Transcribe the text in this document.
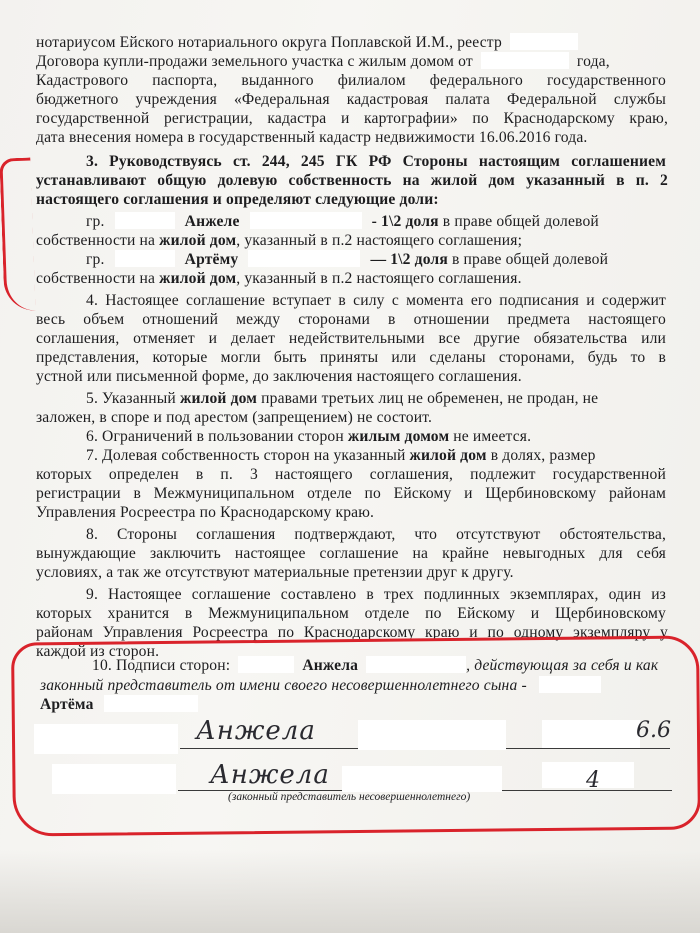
нотариусом Ейского нотариального округа Поплавской И.М., реестр
Договора купли-продажи земельного участка с жилым домом от	года,
Кадастрового паспорта, выданного филиалом федерального государственного
бюджетного учреждения «Федеральная кадастровая палата Федеральной службы
государственной регистрации, кадастра и картографии» по Краснодарскому краю,
дата внесения номера в государственный кадастр недвижимости 16.06.2016 года.
3. Руководствуясь ст. 244, 245 ГК РФ Стороны настоящим соглашением
устанавливают общую долевую собственность на жилой дом указанный в п. 2
настоящего соглашения и определяют следующие доли:
гр.	Анжеле	- 1\2 доля в праве общей долевой
собственности на жилой дом, указанный в п.2 настоящего соглашения;
гр.	Артёму	— 1\2 доля в праве общей долевой
собственности на жилой дом, указанный в п.2 настоящего соглашения.
4. Настоящее соглашение вступает в силу с момента его подписания и содержит
весь объем отношений между сторонами в отношении предмета настоящего
соглашения, отменяет и делает недействительными все другие обязательства или
представления, которые могли быть приняты или сделаны сторонами, будь то в
устной или письменной форме, до заключения настоящего соглашения.
5. Указанный жилой дом правами третьих лиц не обременен, не продан, не
заложен, в споре и под арестом (запрещением) не состоит.
6. Ограничений в пользовании сторон жилым домом не имеется.
7. Долевая собственность сторон на указанный жилой дом в долях, размер
которых определен в п. 3 настоящего соглашения, подлежит государственной
регистрации в Межмуниципальном отделе по Ейскому и Щербиновскому районам
Управления Росреестра по Краснодарскому краю.
8. Стороны соглашения подтверждают, что отсутствуют обстоятельства,
вынуждающие заключить настоящее соглашение на крайне невыгодных для себя
условиях, а так же отсутствуют материальные претензии друг к другу.
9. Настоящее соглашение составлено в трех подлинных экземплярах, один из
которых хранится в Межмуниципальном отделе по Ейскому и Щербиновскому
районам Управления Росреестра по Краснодарскому краю и по одному экземпляру у
каждой из сторон.
10. Подписи сторон:	Анжела	, действующая за себя и как
законный представитель от имени своего несовершеннолетнего сына -
Артёма
Анжела	6.6
Анжела	4
(законный представитель несовершеннолетнего)
